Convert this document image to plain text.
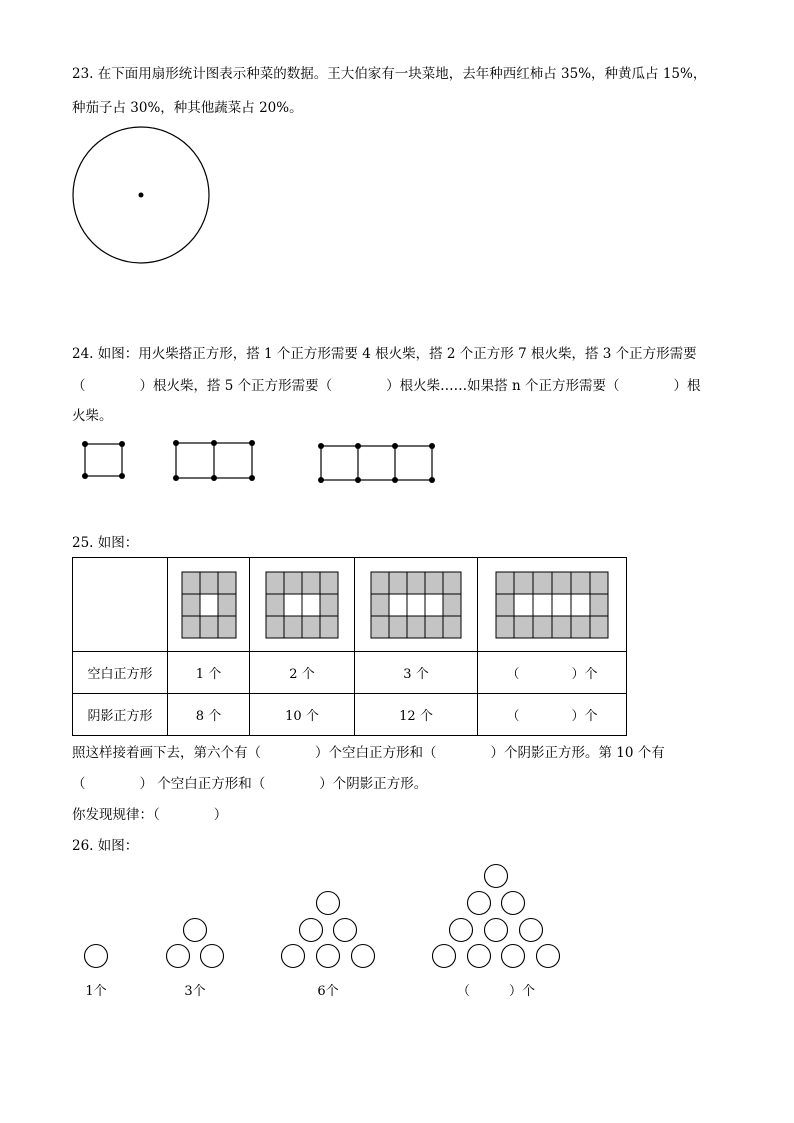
23. 在下面用扇形统计图表示种菜的数据。王大伯家有一块菜地，去年种西红柿占 35%，种黄瓜占 15%，
种茄子占 30%，种其他蔬菜占 20%。
24. 如图：用火柴搭正方形，搭 1 个正方形需要 4 根火柴，搭 2 个正方形 7 根火柴，搭 3 个正方形需要
（　　　　）根火柴，搭 5 个正方形需要（　　　　）根火柴……如果搭 n 个正方形需要（　　　　）根
火柴。
25. 如图：

空白正方形	1 个	2 个	3 个	（　　　　）个
阴影正方形	8 个	10 个	12 个	（　　　　）个
照这样接着画下去，第六个有（　　　　）个空白正方形和（　　　　）个阴影正方形。第 10 个有
（　　　　） 个空白正方形和（　　　　）个阴影正方形。
你发现规律：（　　　　）
26. 如图：
1个	3个	6个	（　　　）个
